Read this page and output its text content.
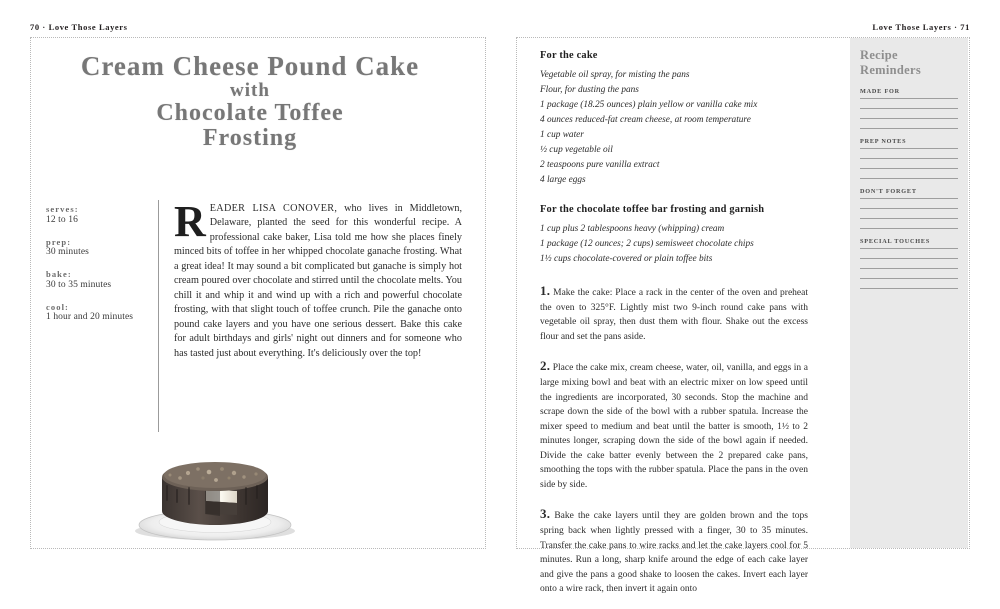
70 · Love Those Layers
Cream Cheese Pound Cake
with
Chocolate Toffee
Frosting
serves:
12 to 16
prep:
30 minutes
bake:
30 to 35 minutes
cool:
1 hour and 20 minutes
R EADER LISA CONOVER, who lives in Middletown, Delaware, planted the seed for this wonderful recipe. A professional cake baker, Lisa told me how she places finely minced bits of toffee in her whipped chocolate ganache frosting. What a great idea! It may sound a bit complicated but ganache is simply hot cream poured over chocolate and stirred until the chocolate melts. You chill it and whip it and wind up with a rich and powerful chocolate frosting, with that slight touch of toffee crunch. Pile the ganache onto pound cake layers and you have one serious dessert. Bake this cake for adult birthdays and girls' night out dinners and for someone who has tasted just about everything. It's deliciously over the top!
Love Those Layers · 71
For the cake
Vegetable oil spray, for misting the pans
Flour, for dusting the pans
1 package (18.25 ounces) plain yellow or vanilla cake mix
4 ounces reduced-fat cream cheese, at room temperature
1 cup water
½ cup vegetable oil
2 teaspoons pure vanilla extract
4 large eggs
For the chocolate toffee bar frosting and garnish
1 cup plus 2 tablespoons heavy (whipping) cream
1 package (12 ounces; 2 cups) semisweet chocolate chips
1½ cups chocolate-covered or plain toffee bits

1. Make the cake: Place a rack in the center of the oven and preheat the oven to 325°F. Lightly mist two 9-inch round cake pans with vegetable oil spray, then dust them with flour. Shake out the excess flour and set the pans aside.

2. Place the cake mix, cream cheese, water, oil, vanilla, and eggs in a large mixing bowl and beat with an electric mixer on low speed until the ingredients are incorporated, 30 seconds. Stop the machine and scrape down the side of the bowl with a rubber spatula. Increase the mixer speed to medium and beat until the batter is smooth, 1½ to 2 minutes longer, scraping down the side of the bowl again if needed. Divide the cake batter evenly between the 2 prepared cake pans, smoothing the tops with the rubber spatula. Place the pans in the oven side by side.

3. Bake the cake layers until they are golden brown and the tops spring back when lightly pressed with a finger, 30 to 35 minutes. Transfer the cake pans to wire racks and let the cake layers cool for 5 minutes. Run a long, sharp knife around the edge of each cake layer and give the pans a good shake to loosen the cakes. Invert each layer onto a wire rack, then invert it again onto

Recipe Reminders
MADE FOR
PREP NOTES
DON'T FORGET
SPECIAL TOUCHES
